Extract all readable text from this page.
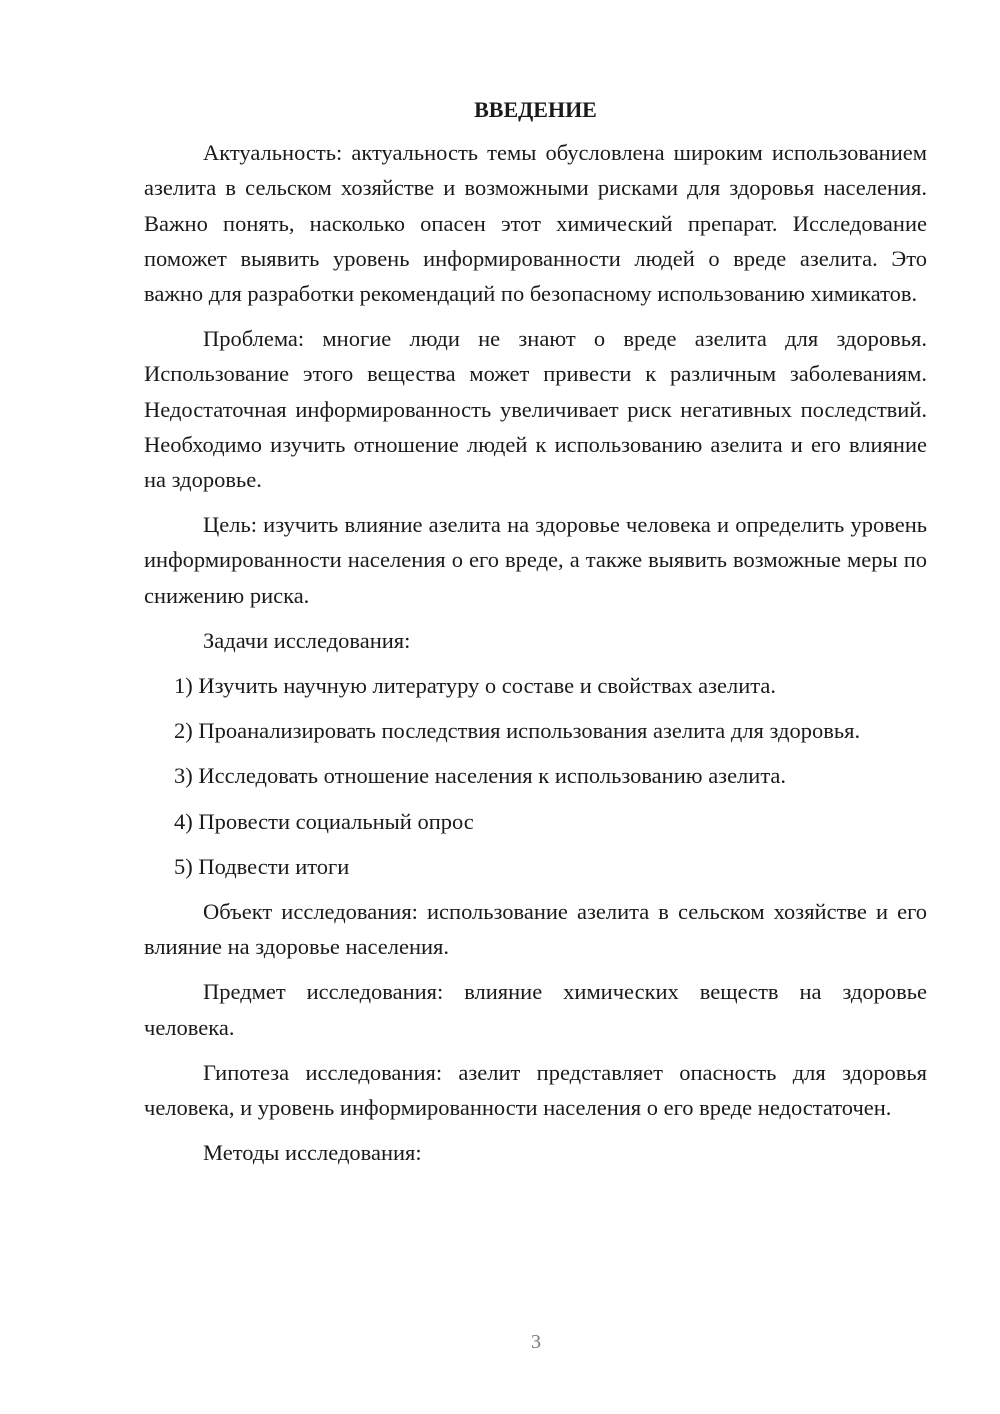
ВВЕДЕНИЕ

Актуальность: актуальность темы обусловлена широким использованием азелита в сельском хозяйстве и возможными рисками для здоровья населения. Важно понять, насколько опасен этот химический препарат. Исследование поможет выявить уровень информированности людей о вреде азелита. Это важно для разработки рекомендаций по безопасному использованию химикатов.

Проблема: многие люди не знают о вреде азелита для здоровья. Использование этого вещества может привести к различным заболеваниям. Недостаточная информированность увеличивает риск негативных последствий. Необходимо изучить отношение людей к использованию азелита и его влияние на здоровье.

Цель: изучить влияние азелита на здоровье человека и определить уровень информированности населения о его вреде, а также выявить возможные меры по снижению риска.

Задачи исследования:

1) Изучить научную литературу о составе и свойствах азелита.

2) Проанализировать последствия использования азелита для здоровья.

3) Исследовать отношение населения к использованию азелита.

4) Провести социальный опрос

5) Подвести итоги

Объект исследования: использование азелита в сельском хозяйстве и его влияние на здоровье населения.

Предмет исследования: влияние химических веществ на здоровье человека.

Гипотеза исследования: азелит представляет опасность для здоровья человека, и уровень информированности населения о его вреде недостаточен.

Методы исследования:

3
